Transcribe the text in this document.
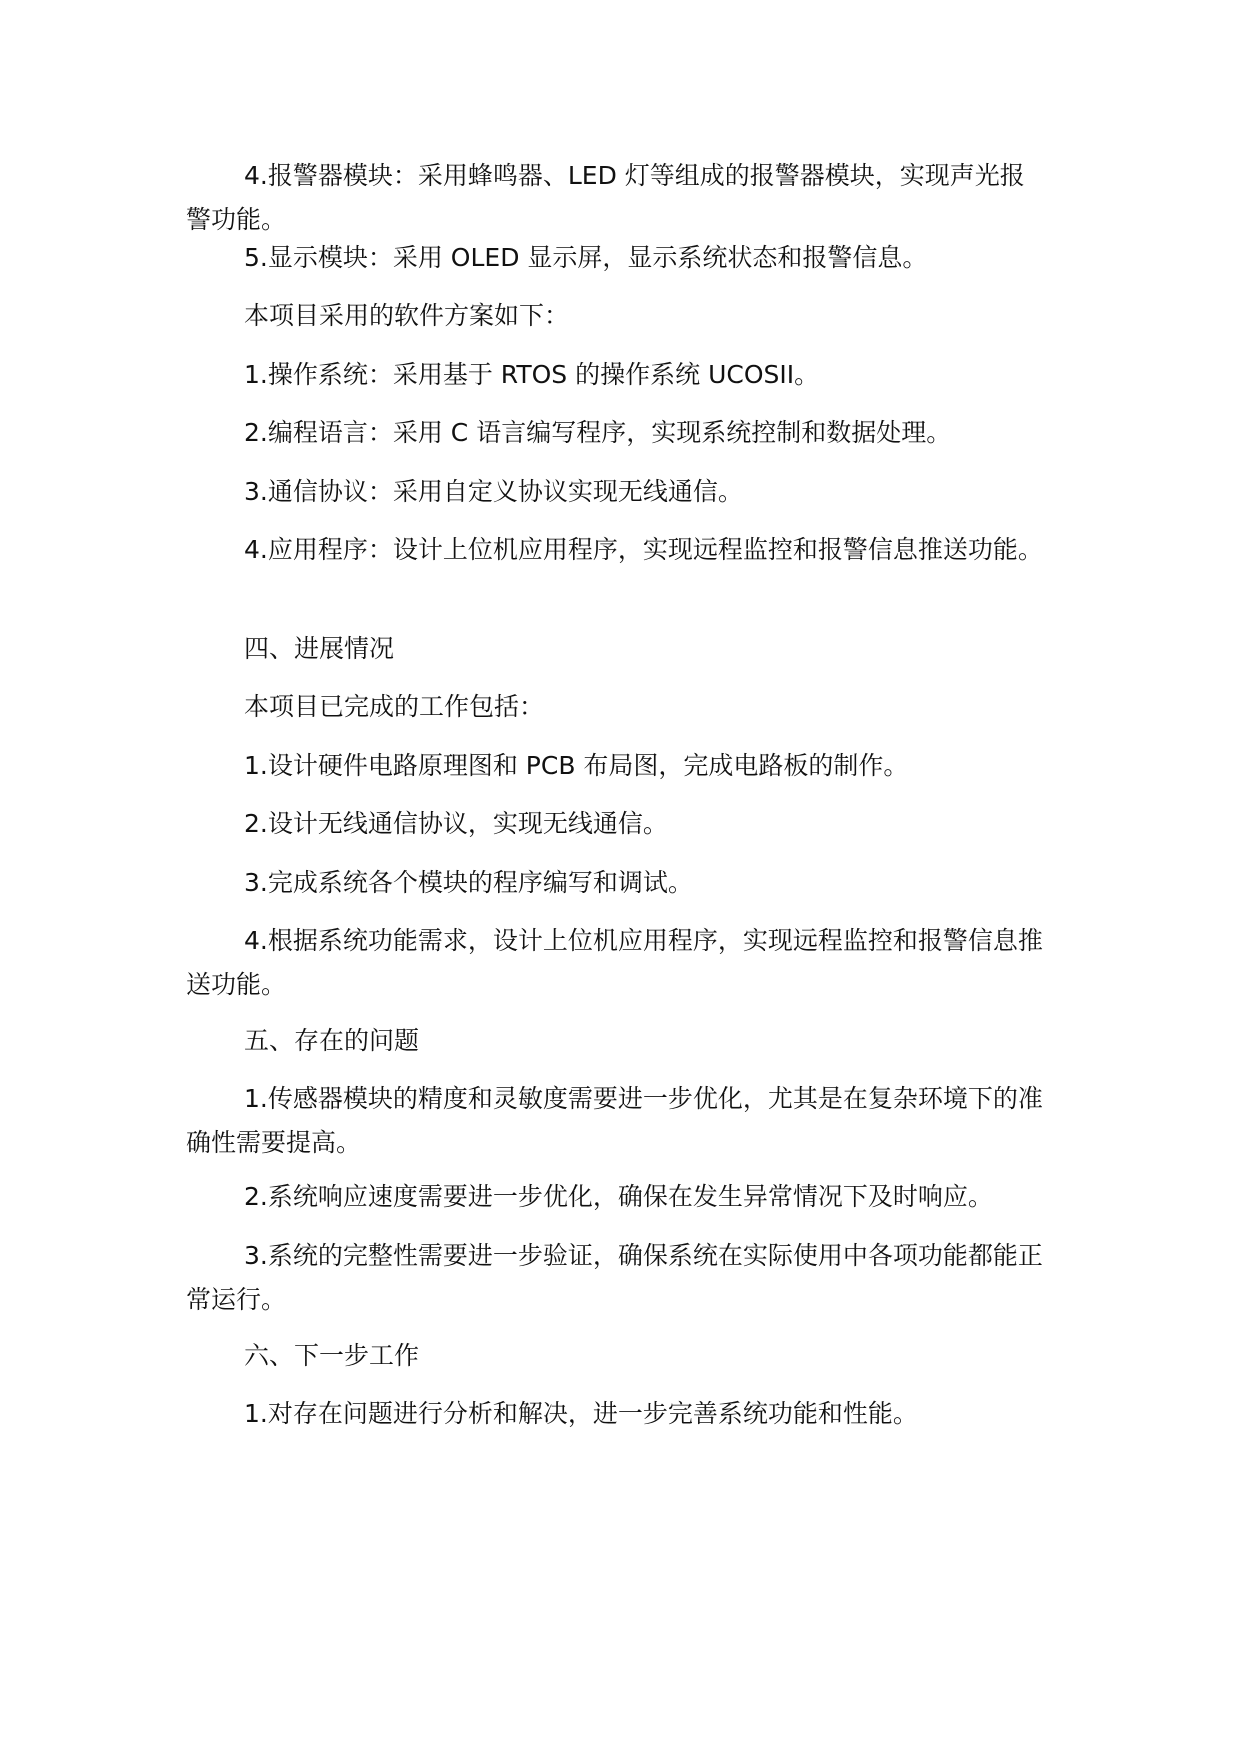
4.报警器模块：采用蜂鸣器、LED 灯等组成的报警器模块，实现声光报警功能。

5.显示模块：采用 OLED 显示屏，显示系统状态和报警信息。

本项目采用的软件方案如下：

1.操作系统：采用基于 RTOS 的操作系统 UCOSII。

2.编程语言：采用 C 语言编写程序，实现系统控制和数据处理。

3.通信协议：采用自定义协议实现无线通信。

4.应用程序：设计上位机应用程序，实现远程监控和报警信息推送功能。

四、进展情况

本项目已完成的工作包括：

1.设计硬件电路原理图和 PCB 布局图，完成电路板的制作。

2.设计无线通信协议，实现无线通信。

3.完成系统各个模块的程序编写和调试。

4.根据系统功能需求，设计上位机应用程序，实现远程监控和报警信息推送功能。

五、存在的问题

1.传感器模块的精度和灵敏度需要进一步优化，尤其是在复杂环境下的准确性需要提高。

2.系统响应速度需要进一步优化，确保在发生异常情况下及时响应。

3.系统的完整性需要进一步验证，确保系统在实际使用中各项功能都能正常运行。

六、下一步工作

1.对存在问题进行分析和解决，进一步完善系统功能和性能。
